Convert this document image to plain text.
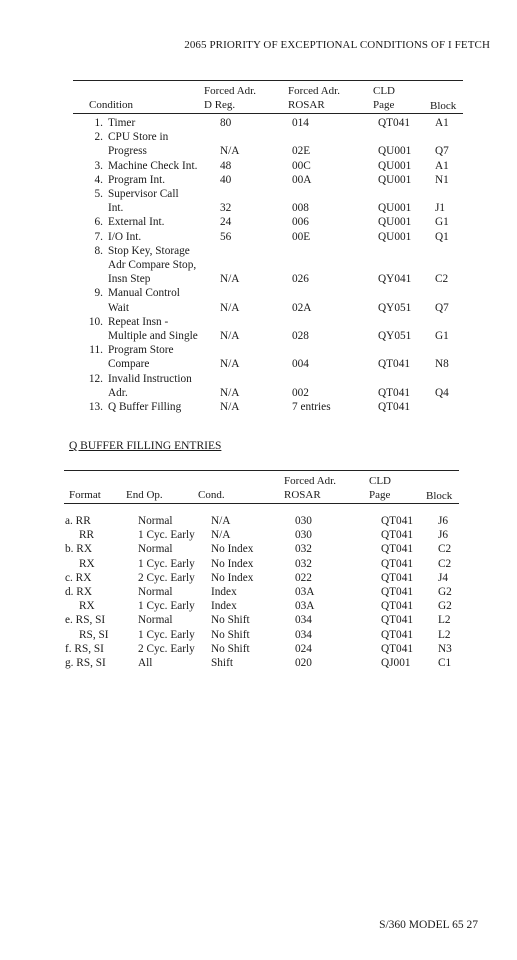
2065 PRIORITY OF EXCEPTIONAL CONDITIONS OF I FETCH
Forced Adr.	Forced Adr.	CLD
Condition	D Reg.	ROSAR	Page	Block
1.	Timer	80	014	QT041	A1
2.	CPU Store in				
	Progress	N/A	02E	QU001	Q7
3.	Machine Check Int.	48	00C	QU001	A1
4.	Program Int.	40	00A	QU001	N1
5.	Supervisor Call				
	Int.	32	008	QU001	J1
6.	External Int.	24	006	QU001	G1
7.	I/O Int.	56	00E	QU001	Q1
8.	Stop Key, Storage				
	Adr Compare Stop,				
	Insn Step	N/A	026	QY041	C2
9.	Manual Control				
	Wait	N/A	02A	QY051	Q7
10.	Repeat Insn -				
	Multiple and Single	N/A	028	QY051	G1
11.	Program Store				
	Compare	N/A	004	QT041	N8
12.	Invalid Instruction				
	Adr.	N/A	002	QT041	Q4
13.	Q Buffer Filling	N/A	7 entries	QT041	
Q BUFFER FILLING ENTRIES
Forced Adr.	CLD
Format End Op.	Cond.	ROSAR	Page	Block
a. RR	Normal	N/A	030	QT041	J6
RR	1 Cyc. Early	N/A	030	QT041	J6
b. RX	Normal	No Index	032	QT041	C2
RX	1 Cyc. Early	No Index	032	QT041	C2
c. RX	2 Cyc. Early	No Index	022	QT041	J4
d. RX	Normal	Index	03A	QT041	G2
RX	1 Cyc. Early	Index	03A	QT041	G2
e. RS, SI	Normal	No Shift	034	QT041	L2
RS, SI	1 Cyc. Early	No Shift	034	QT041	L2
f. RS, SI	2 Cyc. Early	No Shift	024	QT041	N3
g. RS, SI	All	Shift	020	QJ001	C1
S/360 MODEL 65 27
